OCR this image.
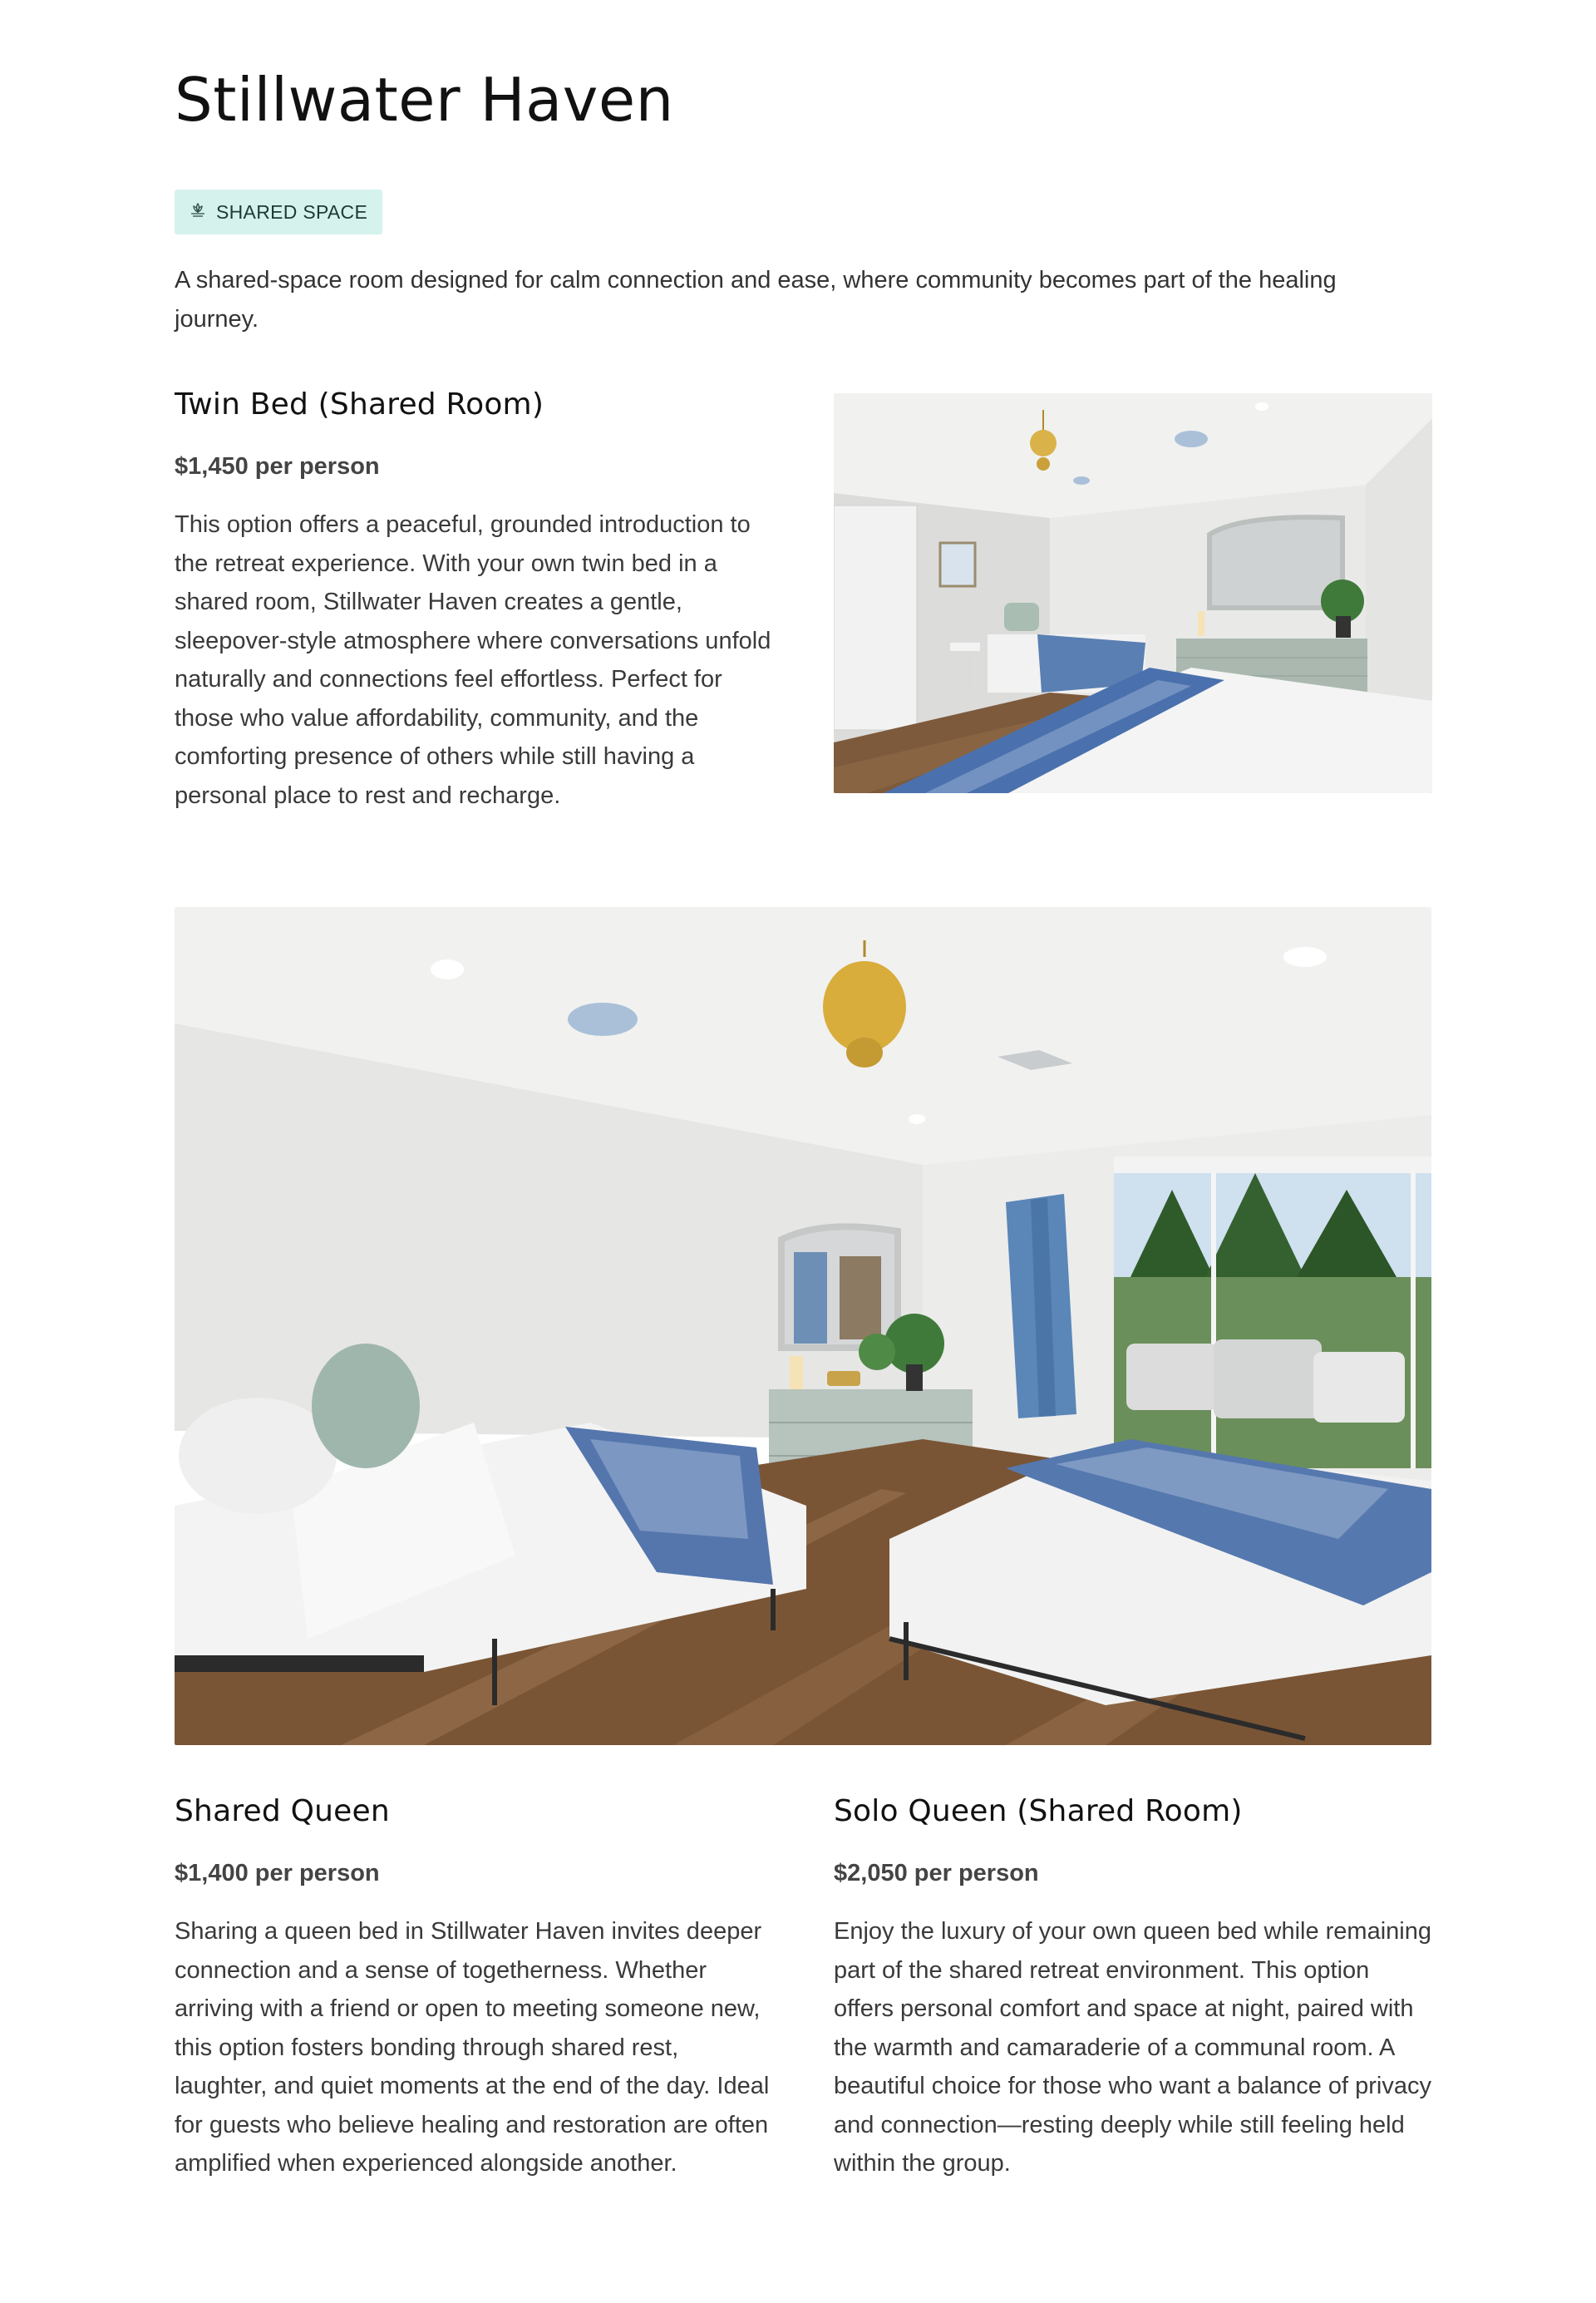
Stillwater Haven
SHARED SPACE

A shared-space room designed for calm connection and ease, where community becomes part of the healing journey.

Twin Bed (Shared Room)

$1,450 per person

This option offers a peaceful, grounded introduction to the retreat experience. With your own twin bed in a shared room, Stillwater Haven creates a gentle, sleepover-style atmosphere where conversations unfold naturally and connections feel effortless. Perfect for those who value affordability, community, and the comforting presence of others while still having a personal place to rest and recharge.

Shared Queen

$1,400 per person

Sharing a queen bed in Stillwater Haven invites deeper connection and a sense of togetherness. Whether arriving with a friend or open to meeting someone new, this option fosters bonding through shared rest, laughter, and quiet moments at the end of the day. Ideal for guests who believe healing and restoration are often amplified when experienced alongside another.

Solo Queen (Shared Room)

$2,050 per person

Enjoy the luxury of your own queen bed while remaining part of the shared retreat environment. This option offers personal comfort and space at night, paired with the warmth and camaraderie of a communal room. A beautiful choice for those who want a balance of privacy and connection—resting deeply while still feeling held within the group.
